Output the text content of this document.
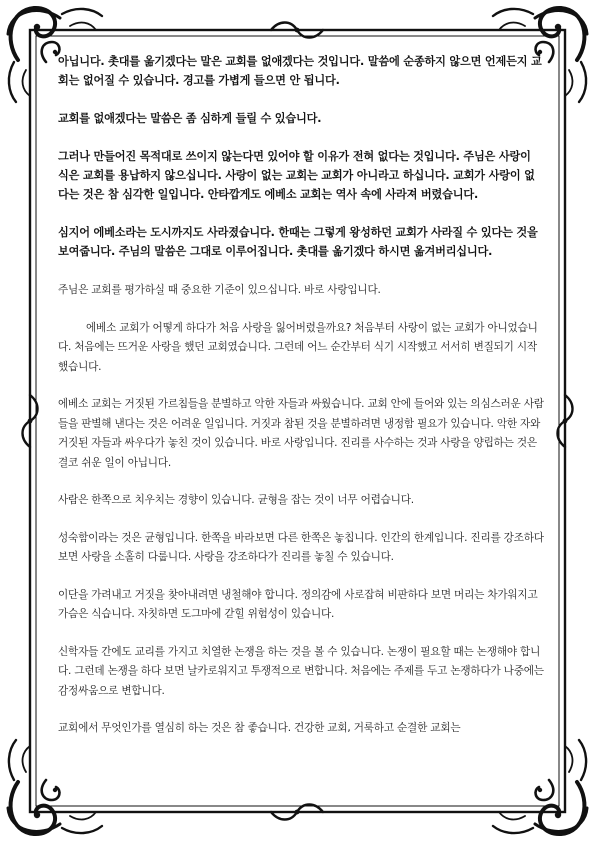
아닙니다. 촛대를 옮기겠다는 말은 교회를 없애겠다는 것입니다. 말씀에 순종하지 않으면 언제든지 교회는 없어질 수 있습니다. 경고를 가볍게 들으면 안 됩니다.

교회를 없애겠다는 말씀은 좀 심하게 들릴 수 있습니다.

그러나 만들어진 목적대로 쓰이지 않는다면 있어야 할 이유가 전혀 없다는 것입니다. 주님은 사랑이 식은 교회를 용납하지 않으십니다. 사랑이 없는 교회는 교회가 아니라고 하십니다. 교회가 사랑이 없다는 것은 참 심각한 일입니다. 안타깝게도 에베소 교회는 역사 속에 사라져 버렸습니다.

심지어 에베소라는 도시까지도 사라졌습니다. 한때는 그렇게 왕성하던 교회가 사라질 수 있다는 것을 보여줍니다. 주님의 말씀은 그대로 이루어집니다. 촛대를 옮기겠다 하시면 옮겨버리십니다.

주님은 교회를 평가하실 때 중요한 기준이 있으십니다. 바로 사랑입니다.

에베소 교회가 어떻게 하다가 처음 사랑을 잃어버렸을까요? 처음부터 사랑이 없는 교회가 아니었습니다. 처음에는 뜨거운 사랑을 했던 교회였습니다. 그런데 어느 순간부터 식기 시작했고 서서히 변질되기 시작했습니다.

에베소 교회는 거짓된 가르침들을 분별하고 악한 자들과 싸웠습니다. 교회 안에 들어와 있는 의심스러운 사람들을 판별해 낸다는 것은 어려운 일입니다. 거짓과 참된 것을 분별하려면 냉정함 필요가 있습니다. 악한 자와 거짓된 자들과 싸우다가 놓친 것이 있습니다. 바로 사랑입니다. 진리를 사수하는 것과 사랑을 양립하는 것은 결코 쉬운 일이 아닙니다.

사람은 한쪽으로 치우치는 경향이 있습니다. 균형을 잡는 것이 너무 어렵습니다.

성숙함이라는 것은 균형입니다. 한쪽을 바라보면 다른 한쪽은 놓칩니다. 인간의 한계입니다. 진리를 강조하다 보면 사랑을 소홀히 다룹니다. 사랑을 강조하다가 진리를 놓칠 수 있습니다.

이단을 가려내고 거짓을 찾아내려면 냉철해야 합니다. 정의감에 사로잡혀 비판하다 보면 머리는 차가워지고 가슴은 식습니다. 자칫하면 도그마에 갇힐 위험성이 있습니다.

신학자들 간에도 교리를 가지고 치열한 논쟁을 하는 것을 볼 수 있습니다. 논쟁이 필요할 때는 논쟁해야 합니다. 그런데 논쟁을 하다 보면 날카로워지고 투쟁적으로 변합니다. 처음에는 주제를 두고 논쟁하다가 나중에는 감정싸움으로 변합니다.

교회에서 무엇인가를 열심히 하는 것은 참 좋습니다. 건강한 교회, 거룩하고 순결한 교회는
